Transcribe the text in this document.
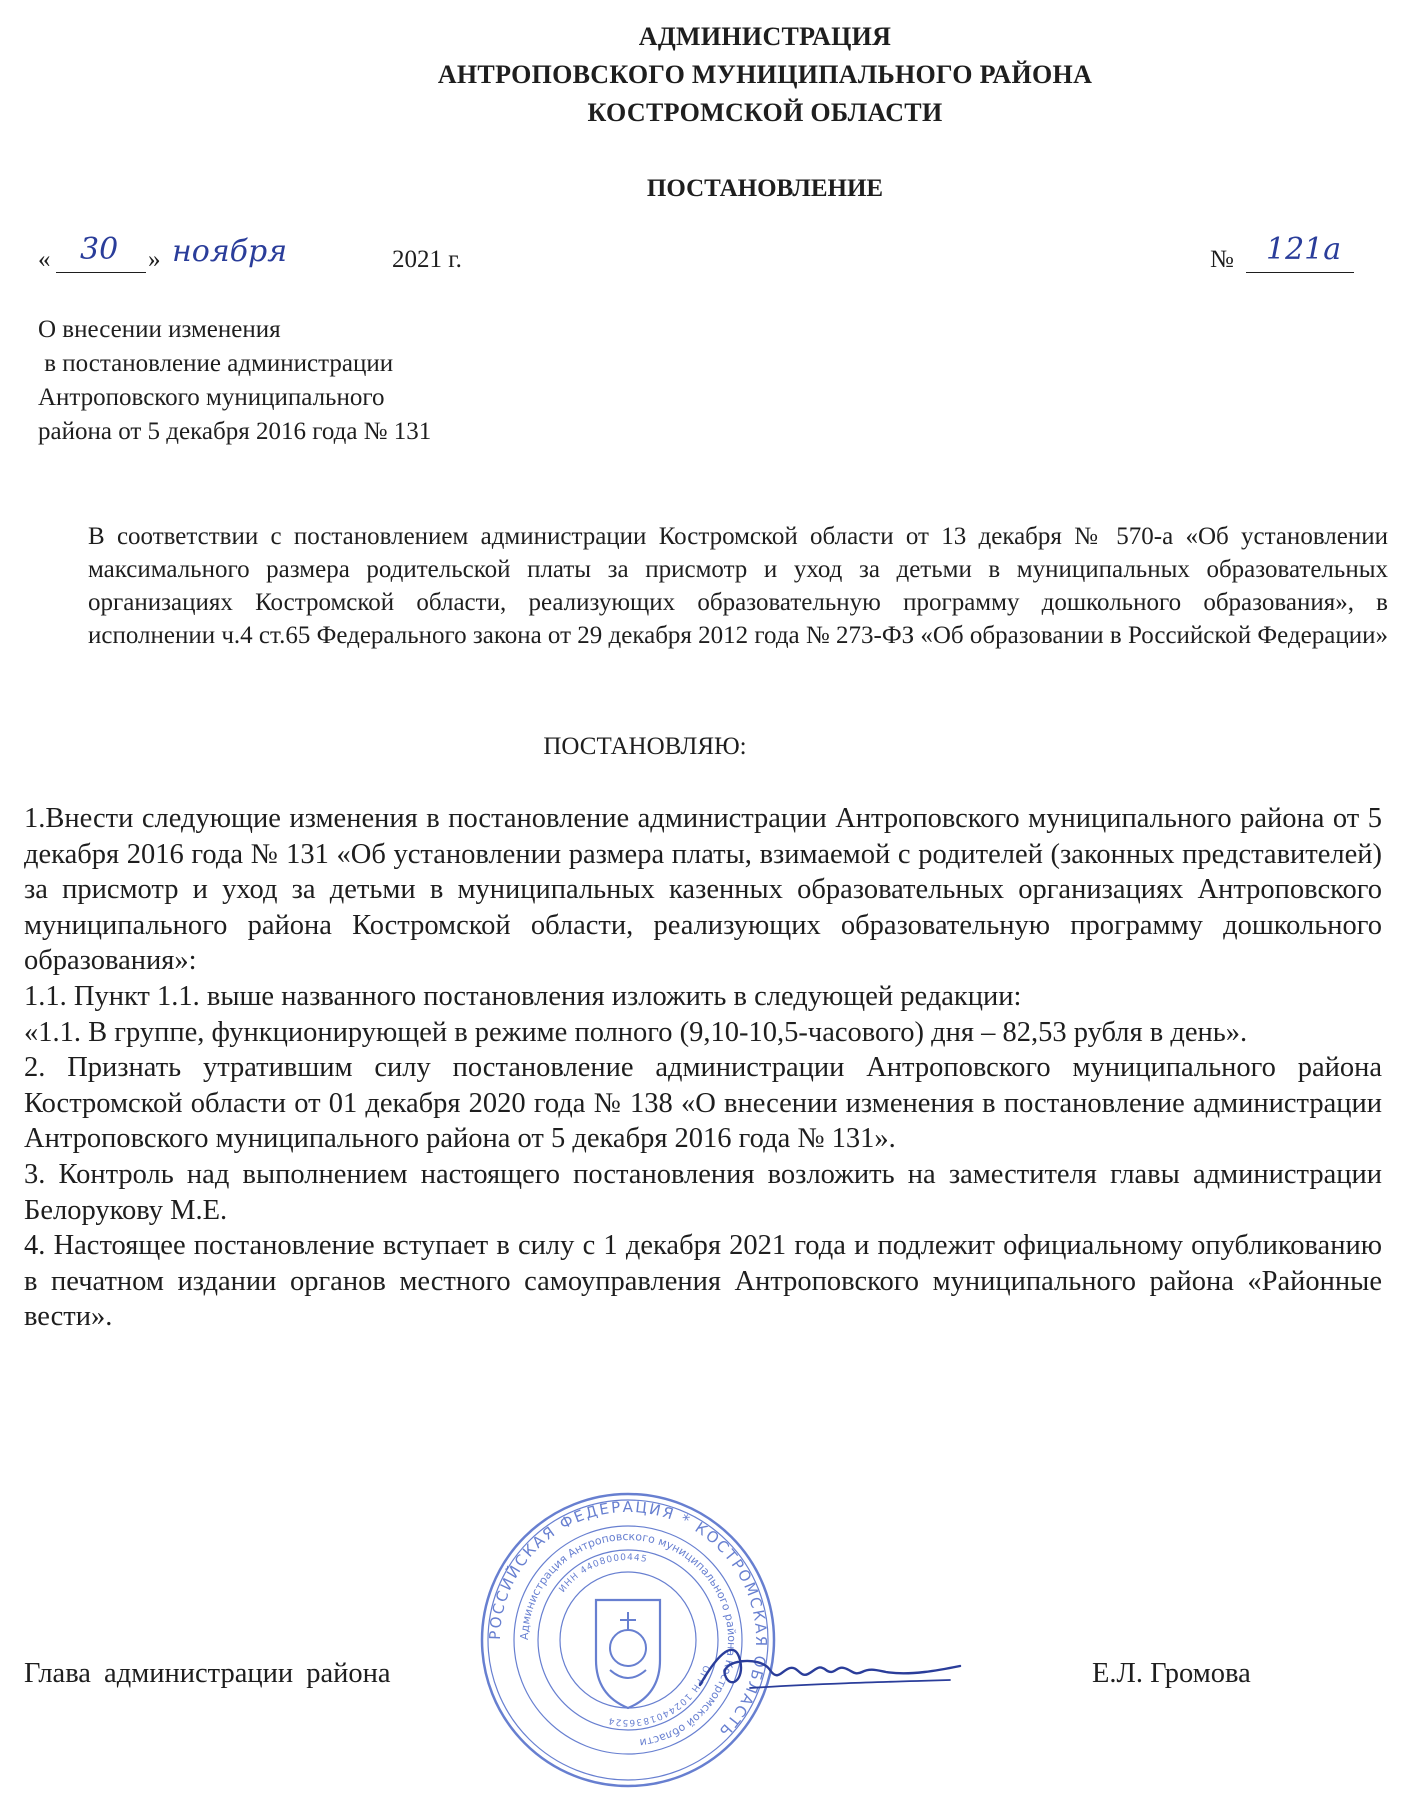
АДМИНИСТРАЦИЯ
АНТРОПОВСКОГО МУНИЦИПАЛЬНОГО РАЙОНА
КОСТРОМСКОЙ ОБЛАСТИ
ПОСТАНОВЛЕНИЕ
« 30 » ноября	2021 г.	№ 121а
О внесении изменения
в постановление администрации
Антроповского муниципального
района от 5 декабря 2016 года № 131
В соответствии с постановлением администрации Костромской области от 13 декабря № 570-а «Об установлении максимального размера родительской платы за присмотр и уход за детьми в муниципальных образовательных организациях Костромской области, реализующих образовательную программу дошкольного образования», в исполнении ч.4 ст.65 Федерального закона от 29 декабря 2012 года № 273-ФЗ «Об образовании в Российской Федерации»
ПОСТАНОВЛЯЮ:

1.Внести следующие изменения в постановление администрации Антроповского муниципального района от 5 декабря 2016 года № 131 «Об установлении размера платы, взимаемой с родителей (законных представителей) за присмотр и уход за детьми в муниципальных казенных образовательных организациях Антроповского муниципального района Костромской области, реализующих образовательную программу дошкольного образования»:

1.1. Пункт 1.1. выше названного постановления изложить в следующей редакции:

«1.1. В группе, функционирующей в режиме полного (9,10-10,5-часового) дня – 82,53 рубля в день».

2. Признать утратившим силу постановление администрации Антроповского муниципального района Костромской области от 01 декабря 2020 года № 138 «О внесении изменения в постановление администрации Антроповского муниципального района от 5 декабря 2016 года № 131».

3. Контроль над выполнением настоящего постановления возложить на заместителя главы администрации Белорукову М.Е.

4. Настоящее постановление вступает в силу с 1 декабря 2021 года и подлежит официальному опубликованию в печатном издании органов местного самоуправления Антроповского муниципального района «Районные вести».

РОССИЙСКАЯ ФЕДЕРАЦИЯ * КОСТРОМСКАЯ ОБЛАСТЬ
Администрация Антроповского муниципального района Костромской области
ИНН 4408000445
ОГРН 1024401836524
Глава администрации района	Е.Л. Громова
